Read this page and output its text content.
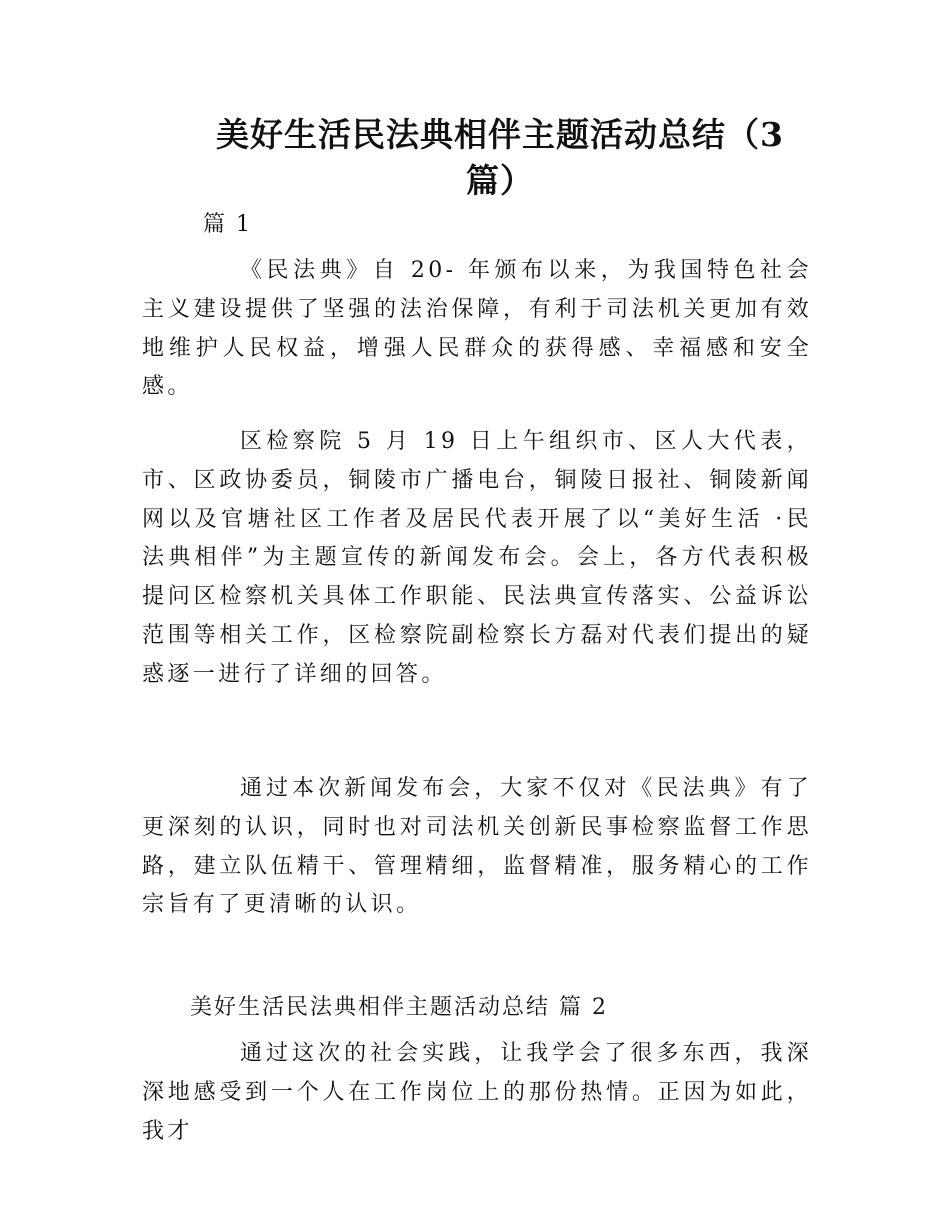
美好生活民法典相伴主题活动总结（3
篇）
篇 1

《民法典》自 20- 年颁布以来，为我国特色社会主义建设提供了坚强的法治保障，有利于司法机关更加有效地维护人民权益，增强人民群众的获得感、幸福感和安全感。

区检察院 5 月 19 日上午组织市、区人大代表，市、区政协委员，铜陵市广播电台，铜陵日报社、铜陵新闻网以及官塘社区工作者及居民代表开展了以“美好生活 ·民法典相伴”为主题宣传的新闻发布会。会上，各方代表积极提问区检察机关具体工作职能、民法典宣传落实、公益诉讼范围等相关工作，区检察院副检察长方磊对代表们提出的疑惑逐一进行了详细的回答。

通过本次新闻发布会，大家不仅对《民法典》有了更深刻的认识，同时也对司法机关创新民事检察监督工作思路，建立队伍精干、管理精细，监督精准，服务精心的工作宗旨有了更清晰的认识。

美好生活民法典相伴主题活动总结 篇 2

通过这次的社会实践，让我学会了很多东西，我深深地感受到一个人在工作岗位上的那份热情。正因为如此，我才
